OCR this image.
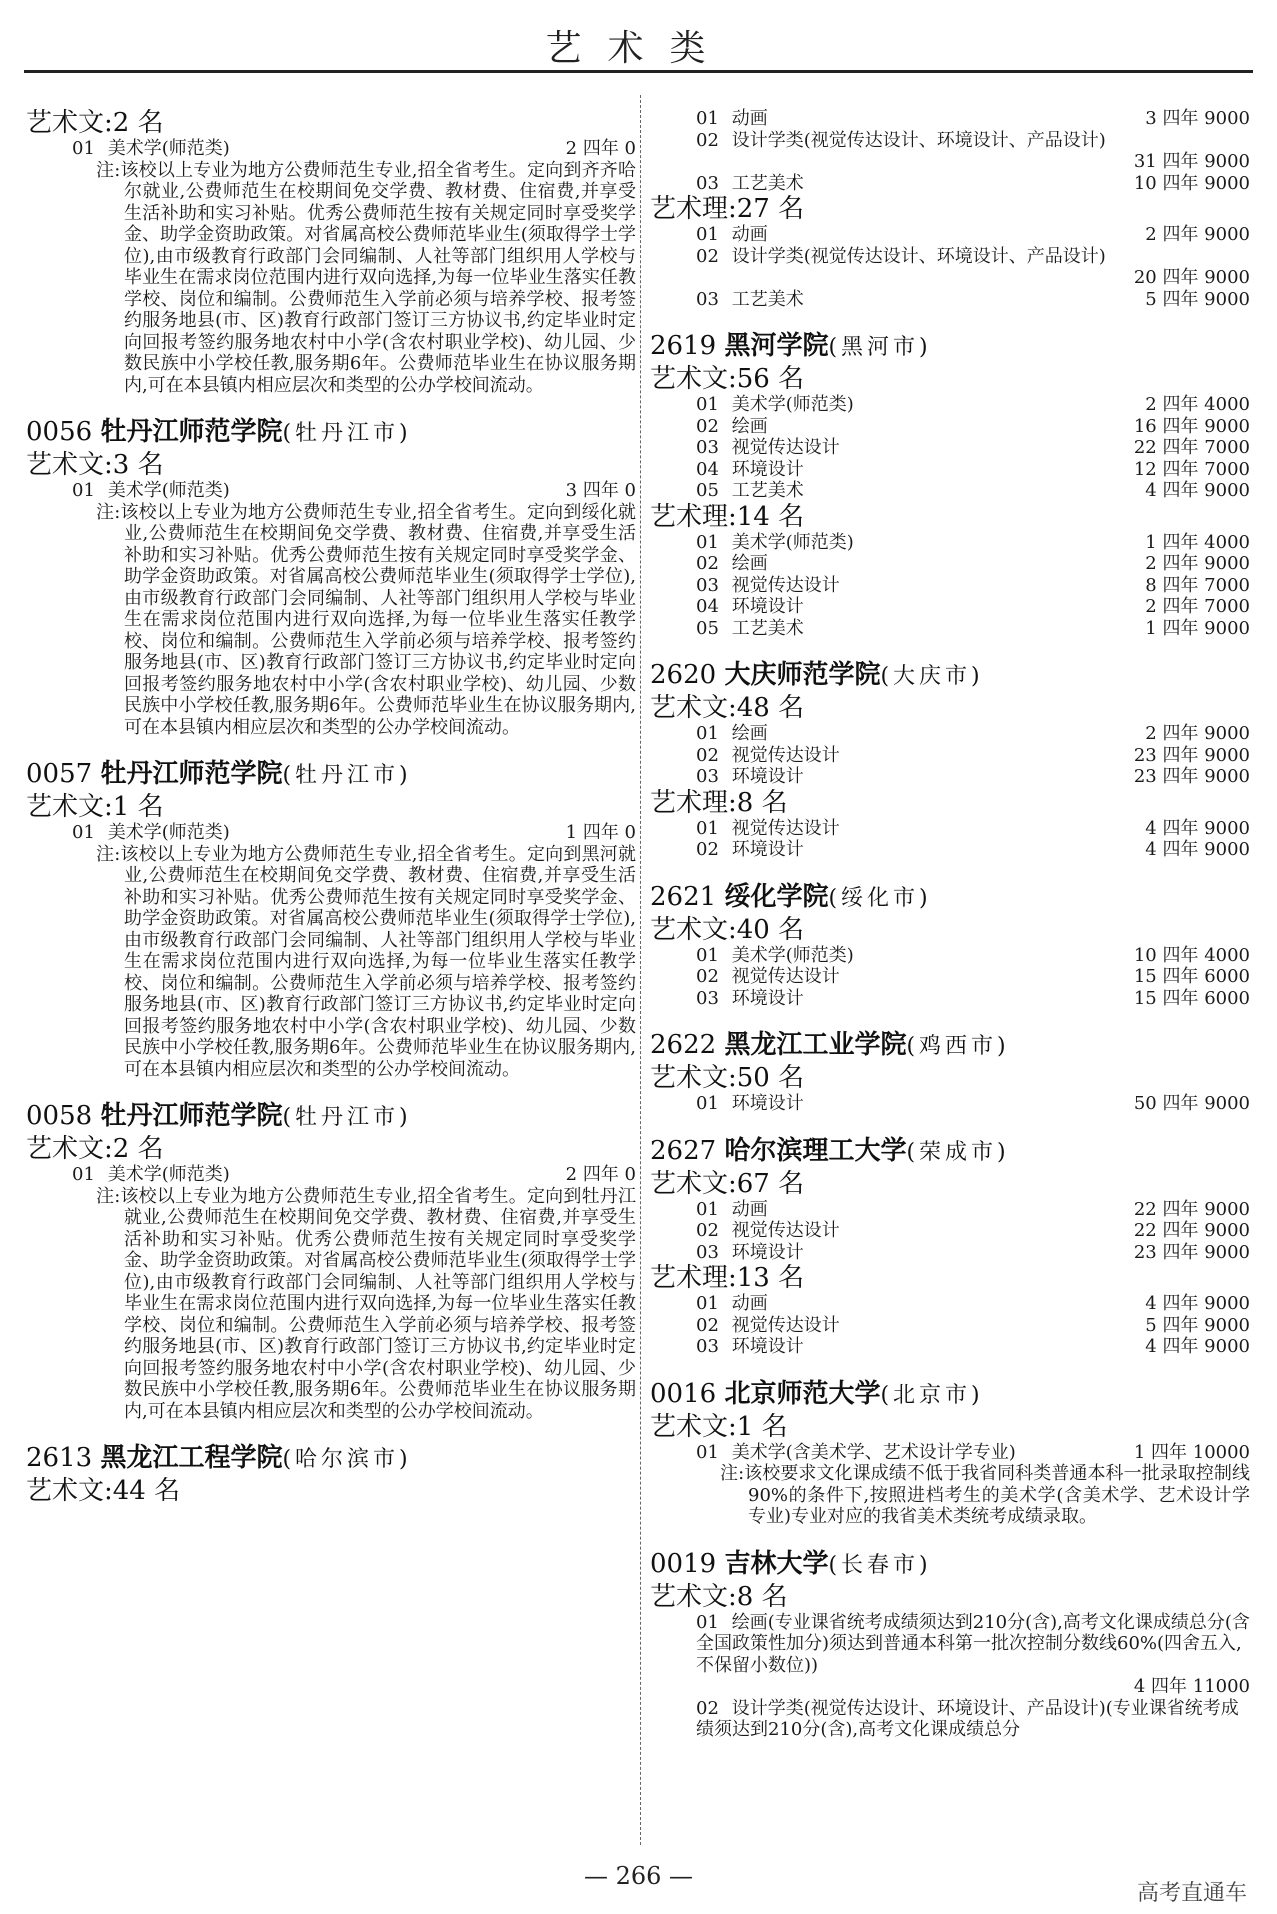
艺术类
艺术文:2 名
01 美术学(师范类)	2 四年 0
注:该校以上专业为地方公费师范生专业,招全省考生。定向到齐齐哈尔就业,公费师范生在校期间免交学费、教材费、住宿费,并享受生活补助和实习补贴。优秀公费师范生按有关规定同时享受奖学金、助学金资助政策。对省属高校公费师范毕业生(须取得学士学位),由市级教育行政部门会同编制、人社等部门组织用人学校与毕业生在需求岗位范围内进行双向选择,为每一位毕业生落实任教学校、岗位和编制。公费师范生入学前必须与培养学校、报考签约服务地县(市、区)教育行政部门签订三方协议书,约定毕业时定向回报考签约服务地农村中小学(含农村职业学校)、幼儿园、少数民族中小学校任教,服务期6年。公费师范毕业生在协议服务期内,可在本县镇内相应层次和类型的公办学校间流动。
0056 牡丹江师范学院(牡丹江市)
艺术文:3 名
01 美术学(师范类)	3 四年 0
注:该校以上专业为地方公费师范生专业,招全省考生。定向到绥化就业,公费师范生在校期间免交学费、教材费、住宿费,并享受生活补助和实习补贴。优秀公费师范生按有关规定同时享受奖学金、助学金资助政策。对省属高校公费师范毕业生(须取得学士学位),由市级教育行政部门会同编制、人社等部门组织用人学校与毕业生在需求岗位范围内进行双向选择,为每一位毕业生落实任教学校、岗位和编制。公费师范生入学前必须与培养学校、报考签约服务地县(市、区)教育行政部门签订三方协议书,约定毕业时定向回报考签约服务地农村中小学(含农村职业学校)、幼儿园、少数民族中小学校任教,服务期6年。公费师范毕业生在协议服务期内,可在本县镇内相应层次和类型的公办学校间流动。
0057 牡丹江师范学院(牡丹江市)
艺术文:1 名
01 美术学(师范类)	1 四年 0
注:该校以上专业为地方公费师范生专业,招全省考生。定向到黑河就业,公费师范生在校期间免交学费、教材费、住宿费,并享受生活补助和实习补贴。优秀公费师范生按有关规定同时享受奖学金、助学金资助政策。对省属高校公费师范毕业生(须取得学士学位),由市级教育行政部门会同编制、人社等部门组织用人学校与毕业生在需求岗位范围内进行双向选择,为每一位毕业生落实任教学校、岗位和编制。公费师范生入学前必须与培养学校、报考签约服务地县(市、区)教育行政部门签订三方协议书,约定毕业时定向回报考签约服务地农村中小学(含农村职业学校)、幼儿园、少数民族中小学校任教,服务期6年。公费师范毕业生在协议服务期内,可在本县镇内相应层次和类型的公办学校间流动。
0058 牡丹江师范学院(牡丹江市)
艺术文:2 名
01 美术学(师范类)	2 四年 0
注:该校以上专业为地方公费师范生专业,招全省考生。定向到牡丹江就业,公费师范生在校期间免交学费、教材费、住宿费,并享受生活补助和实习补贴。优秀公费师范生按有关规定同时享受奖学金、助学金资助政策。对省属高校公费师范毕业生(须取得学士学位),由市级教育行政部门会同编制、人社等部门组织用人学校与毕业生在需求岗位范围内进行双向选择,为每一位毕业生落实任教学校、岗位和编制。公费师范生入学前必须与培养学校、报考签约服务地县(市、区)教育行政部门签订三方协议书,约定毕业时定向回报考签约服务地农村中小学(含农村职业学校)、幼儿园、少数民族中小学校任教,服务期6年。公费师范毕业生在协议服务期内,可在本县镇内相应层次和类型的公办学校间流动。
2613 黑龙江工程学院(哈尔滨市)
艺术文:44 名
01 动画	3 四年 9000
02 设计学类(视觉传达设计、环境设计、产品设计)
31 四年 9000
03 工艺美术	10 四年 9000
艺术理:27 名
01 动画	2 四年 9000
02 设计学类(视觉传达设计、环境设计、产品设计)
20 四年 9000
03 工艺美术	5 四年 9000
2619 黑河学院(黑河市)
艺术文:56 名
01 美术学(师范类)	2 四年 4000
02 绘画	16 四年 9000
03 视觉传达设计	22 四年 7000
04 环境设计	12 四年 7000
05 工艺美术	4 四年 9000
艺术理:14 名
01 美术学(师范类)	1 四年 4000
02 绘画	2 四年 9000
03 视觉传达设计	8 四年 7000
04 环境设计	2 四年 7000
05 工艺美术	1 四年 9000
2620 大庆师范学院(大庆市)
艺术文:48 名
01 绘画	2 四年 9000
02 视觉传达设计	23 四年 9000
03 环境设计	23 四年 9000
艺术理:8 名
01 视觉传达设计	4 四年 9000
02 环境设计	4 四年 9000
2621 绥化学院(绥化市)
艺术文:40 名
01 美术学(师范类)	10 四年 4000
02 视觉传达设计	15 四年 6000
03 环境设计	15 四年 6000
2622 黑龙江工业学院(鸡西市)
艺术文:50 名
01 环境设计	50 四年 9000
2627 哈尔滨理工大学(荣成市)
艺术文:67 名
01 动画	22 四年 9000
02 视觉传达设计	22 四年 9000
03 环境设计	23 四年 9000
艺术理:13 名
01 动画	4 四年 9000
02 视觉传达设计	5 四年 9000
03 环境设计	4 四年 9000
0016 北京师范大学(北京市)
艺术文:1 名
01 美术学(含美术学、艺术设计学专业)	1 四年 10000
注:该校要求文化课成绩不低于我省同科类普通本科一批录取控制线90%的条件下,按照进档考生的美术学(含美术学、艺术设计学专业)专业对应的我省美术类统考成绩录取。
0019 吉林大学(长春市)
艺术文:8 名
01 绘画(专业课省统考成绩须达到210分(含),高考文化课成绩总分(含全国政策性加分)须达到普通本科第一批次控制分数线60%(四舍五入,不保留小数位))
4 四年 11000
02 设计学类(视觉传达设计、环境设计、产品设计)(专业课省统考成绩须达到210分(含),高考文化课成绩总分
— 266 —
高考直通车
